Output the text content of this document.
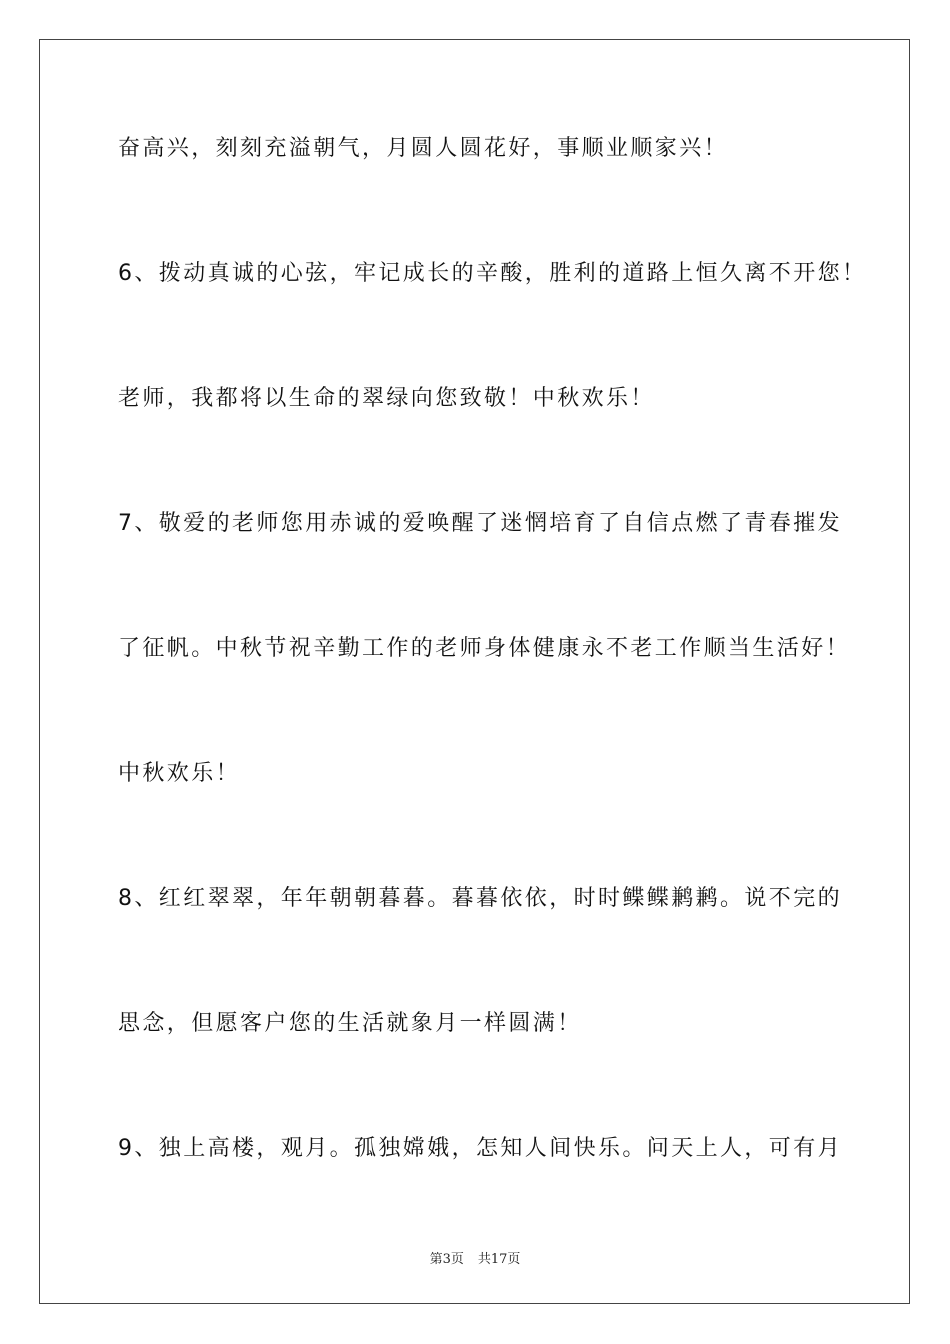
奋高兴，刻刻充溢朝气，月圆人圆花好，事顺业顺家兴！

6、拨动真诚的心弦，牢记成长的辛酸，胜利的道路上恒久离不开您！

老师，我都将以生命的翠绿向您致敬！中秋欢乐！

7、敬爱的老师您用赤诚的爱唤醒了迷惘培育了自信点燃了青春摧发

了征帆。中秋节祝辛勤工作的老师身体健康永不老工作顺当生活好！

中秋欢乐！

8、红红翠翠，年年朝朝暮暮。暮暮依依，时时鲽鲽鹣鹣。说不完的

思念，但愿客户您的生活就象月一样圆满！

9、独上高楼，观月。孤独嫦娥，怎知人间快乐。问天上人，可有月

第3页 共17页
